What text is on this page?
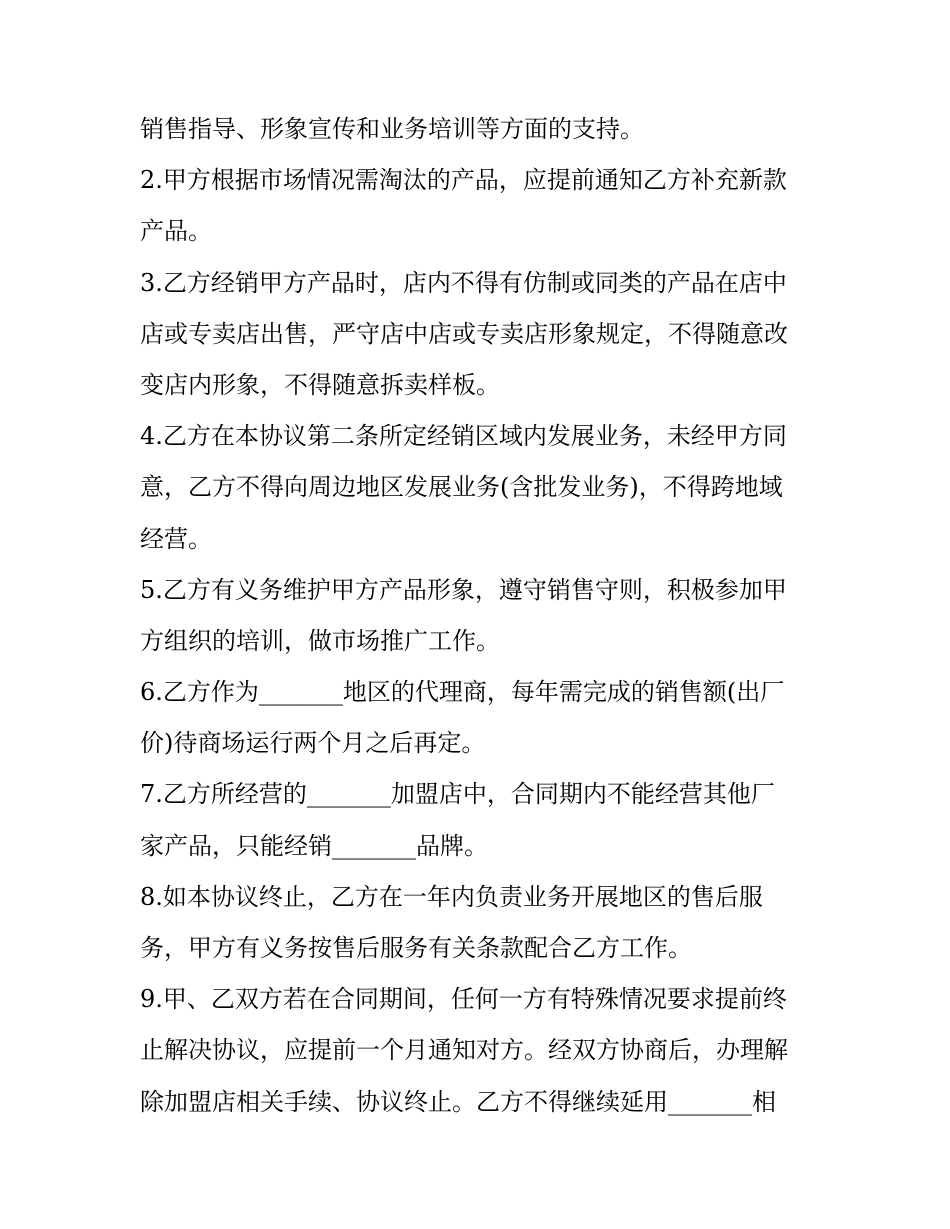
销售指导、形象宣传和业务培训等方面的支持。
2.甲方根据市场情况需淘汰的产品，应提前通知乙方补充新款
产品。
3.乙方经销甲方产品时，店内不得有仿制或同类的产品在店中
店或专卖店出售，严守店中店或专卖店形象规定，不得随意改
变店内形象，不得随意拆卖样板。
4.乙方在本协议第二条所定经销区域内发展业务，未经甲方同
意，乙方不得向周边地区发展业务(含批发业务)，不得跨地域
经营。
5.乙方有义务维护甲方产品形象，遵守销售守则，积极参加甲
方组织的培训，做市场推广工作。
6.乙方作为_______地区的代理商，每年需完成的销售额(出厂
价)待商场运行两个月之后再定。
7.乙方所经营的_______加盟店中，合同期内不能经营其他厂
家产品，只能经销_______品牌。
8.如本协议终止，乙方在一年内负责业务开展地区的售后服
务，甲方有义务按售后服务有关条款配合乙方工作。
9.甲、乙双方若在合同期间，任何一方有特殊情况要求提前终
止解决协议，应提前一个月通知对方。经双方协商后，办理解
除加盟店相关手续、协议终止。乙方不得继续延用_______相
